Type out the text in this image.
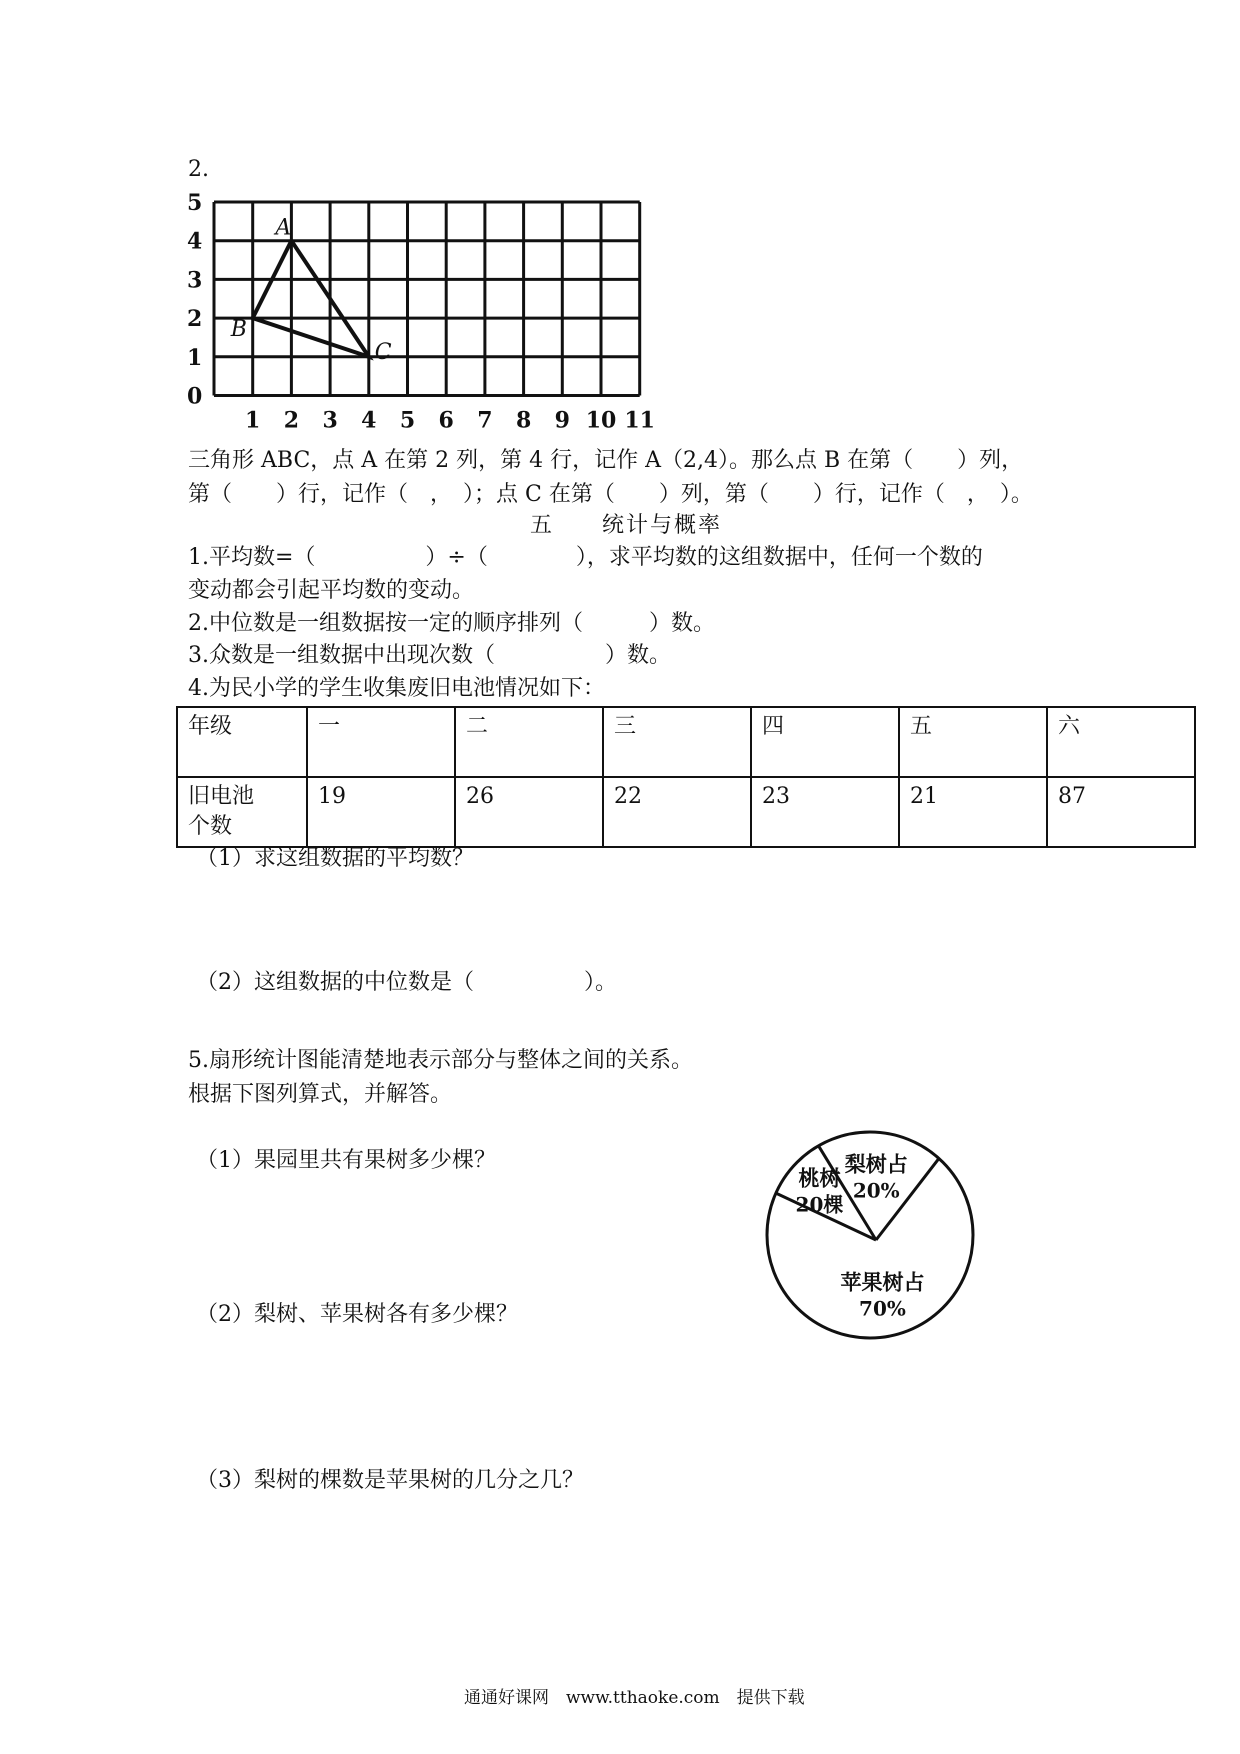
2.
5
4
3
2
1
0
1 2 3 4 5 6 7 8 9 10 11
A
B
C
三角形 ABC，点 A 在第 2 列，第 4 行，记作 A（2,4）。那么点 B 在第（　　）列，
第（　　）行，记作（　，　）；点 C 在第（　　）列，第（　　）行，记作（　，　）。
五　　统计与概率
1.平均数=（　　　　　）÷（　　　　），求平均数的这组数据中，任何一个数的
变动都会引起平均数的变动。
2.中位数是一组数据按一定的顺序排列（　　　）数。
3.众数是一组数据中出现次数（　　　　　）数。
4.为民小学的学生收集废旧电池情况如下：
年级	一	二	三	四	五	六

旧电池
个数	19	26	22	23	21	87
（1）求这组数据的平均数？
（2）这组数据的中位数是（　　　　　）。
5.扇形统计图能清楚地表示部分与整体之间的关系。
根据下图列算式，并解答。
（1）果园里共有果树多少棵？
（2）梨树、苹果树各有多少棵？
（3）梨树的棵数是苹果树的几分之几？
梨树占
20%
苹果树占
70%
桃树
20棵
通通好课网　www.tthaoke.com　提供下载
